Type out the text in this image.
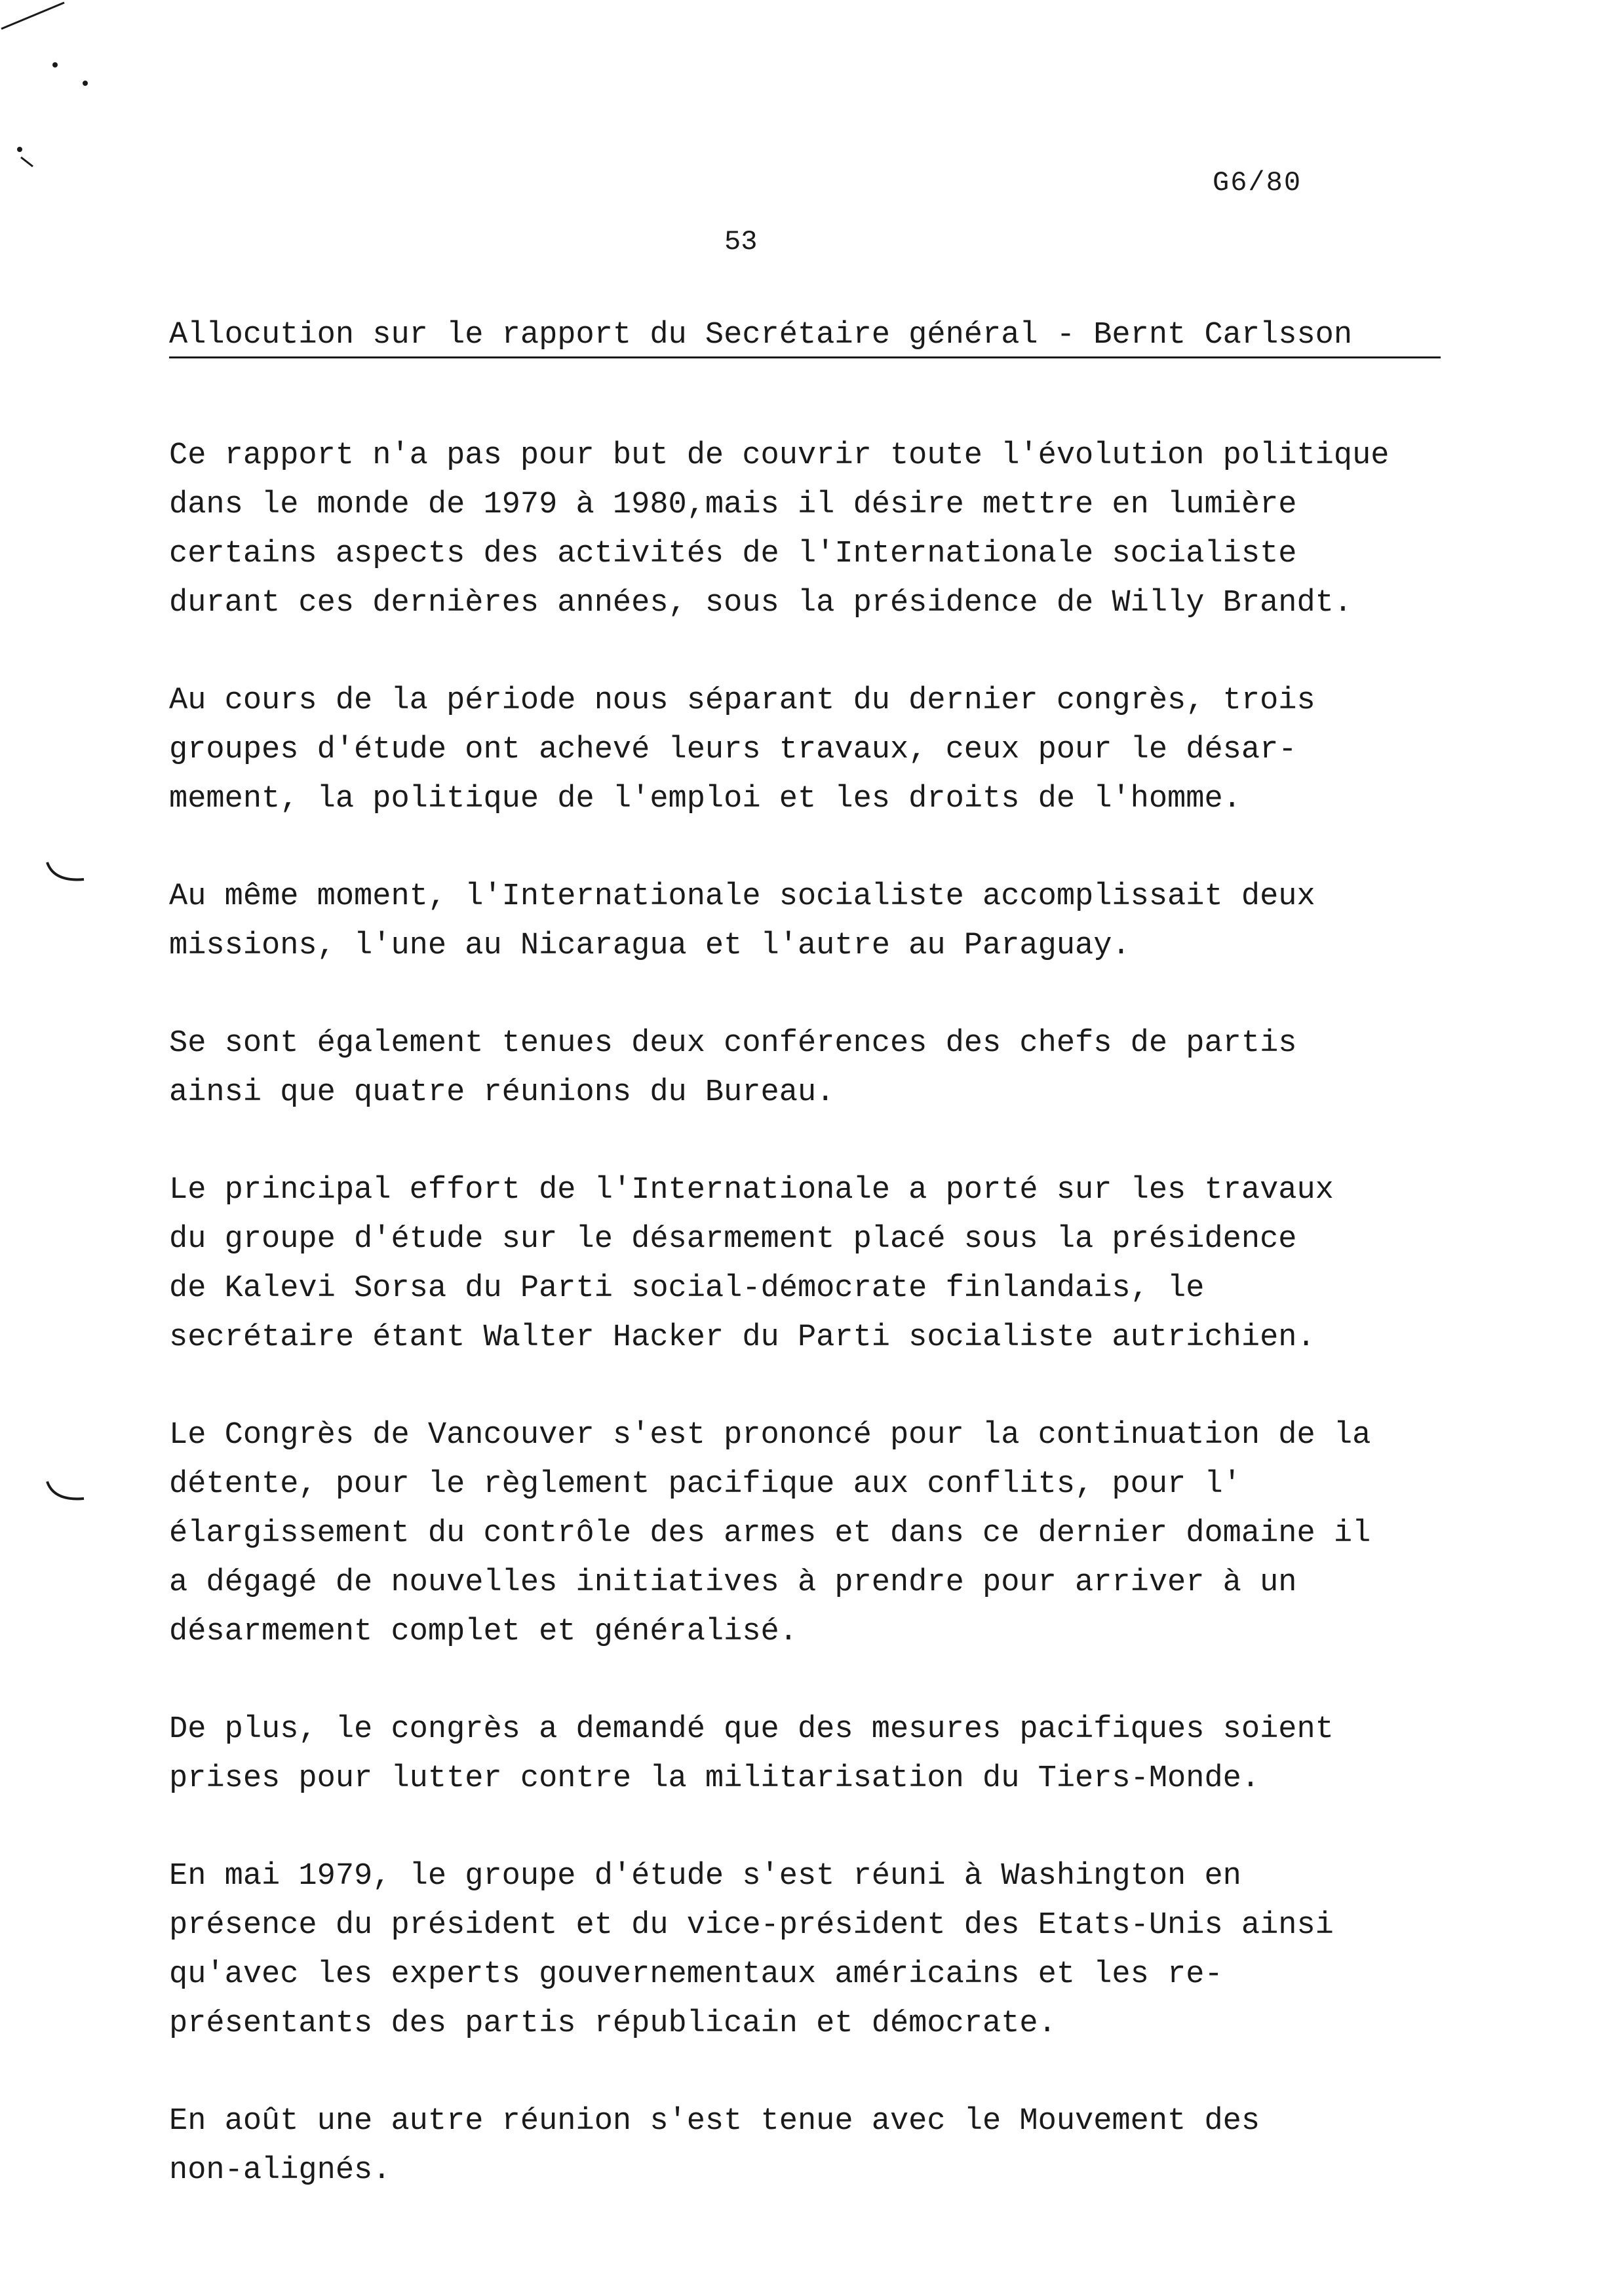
G6/80

53

Allocution sur le rapport du Secrétaire général - Bernt Carlsson
Ce rapport n'a pas pour but de couvrir toute l'évolution politique
dans le monde de 1979 à 1980,mais il désire mettre en lumière
certains aspects des activités de l'Internationale socialiste
durant ces dernières années, sous la présidence de Willy Brandt.
Au cours de la période nous séparant du dernier congrès, trois
groupes d'étude ont achevé leurs travaux, ceux pour le désar-
mement, la politique de l'emploi et les droits de l'homme.
Au même moment, l'Internationale socialiste accomplissait deux
missions, l'une au Nicaragua et l'autre au Paraguay.
Se sont également tenues deux conférences des chefs de partis
ainsi que quatre réunions du Bureau.
Le principal effort de l'Internationale a porté sur les travaux
du groupe d'étude sur le désarmement placé sous la présidence
de Kalevi Sorsa du Parti social-démocrate finlandais, le
secrétaire étant Walter Hacker du Parti socialiste autrichien.
Le Congrès de Vancouver s'est prononcé pour la continuation de la
détente, pour le règlement pacifique aux conflits, pour l'
élargissement du contrôle des armes et dans ce dernier domaine il
a dégagé de nouvelles initiatives à prendre pour arriver à un
désarmement complet et généralisé.
De plus, le congrès a demandé que des mesures pacifiques soient
prises pour lutter contre la militarisation du Tiers-Monde.
En mai 1979, le groupe d'étude s'est réuni à Washington en
présence du président et du vice-président des Etats-Unis ainsi
qu'avec les experts gouvernementaux américains et les re-
présentants des partis républicain et démocrate.
En août une autre réunion s'est tenue avec le Mouvement des
non-alignés.
